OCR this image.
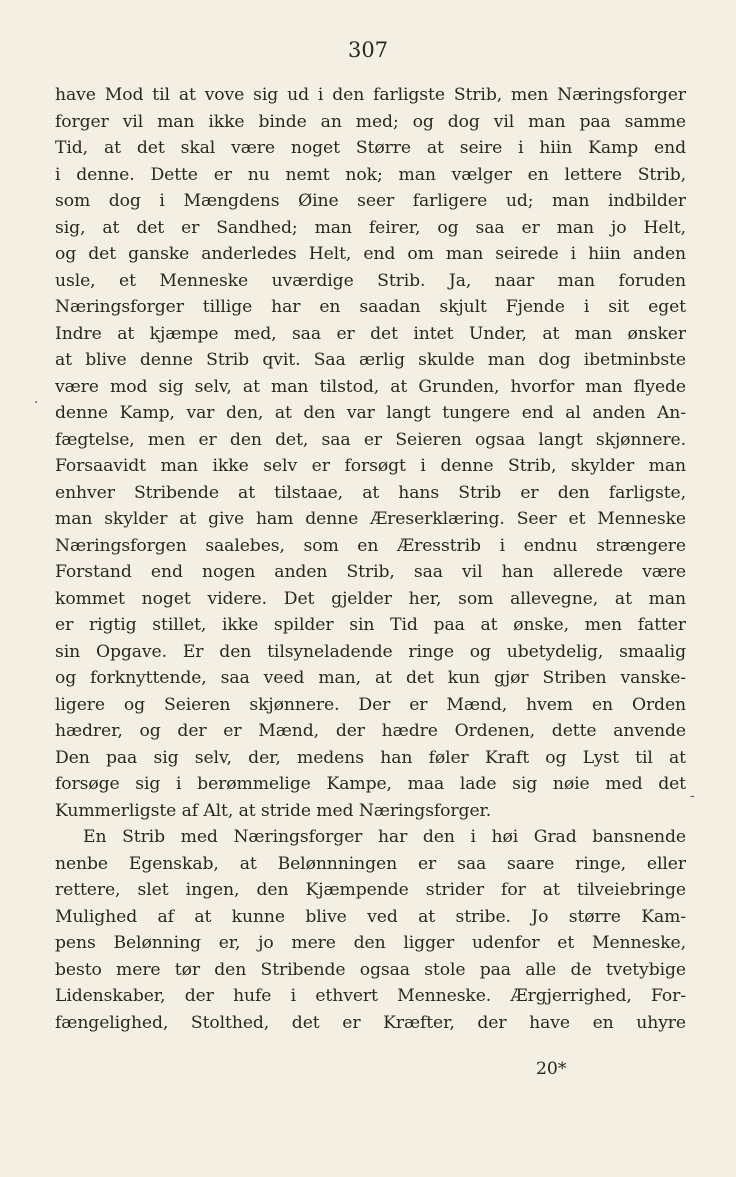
307
have Mod til at vove sig ud i den farligste Strib, men Næringsforger
forger vil man ikke binde an med; og dog vil man paa samme
Tid, at det skal være noget Større at seire i hiin Kamp end
i denne. Dette er nu nemt nok; man vælger en lettere Strib,
som dog i Mængdens Øine seer farligere ud; man indbilder
sig, at det er Sandhed; man feirer, og saa er man jo Helt,
og det ganske anderledes Helt, end om man seirede i hiin anden
usle, et Menneske uværdige Strib. Ja, naar man foruden
Næringsforger tillige har en saadan skjult Fjende i sit eget
Indre at kjæmpe med, saa er det intet Under, at man ønsker
at blive denne Strib qvit. Saa ærlig skulde man dog ibetminbste
være mod sig selv, at man tilstod, at Grunden, hvorfor man flyede
denne Kamp, var den, at den var langt tungere end al anden An-
fægtelse, men er den det, saa er Seieren ogsaa langt skjønnere.
Forsaavidt man ikke selv er forsøgt i denne Strib, skylder man
enhver Stribende at tilstaae, at hans Strib er den farligste,
man skylder at give ham denne Æreserklæring. Seer et Menneske
Næringsforgen saalebes, som en Æresstrib i endnu strængere
Forstand end nogen anden Strib, saa vil han allerede være
kommet noget videre. Det gjelder her, som allevegne, at man
er rigtig stillet, ikke spilder sin Tid paa at ønske, men fatter
sin Opgave. Er den tilsyneladende ringe og ubetydelig, smaalig
og forknyttende, saa veed man, at det kun gjør Striben vanske-
ligere og Seieren skjønnere. Der er Mænd, hvem en Orden
hædrer, og der er Mænd, der hædre Ordenen, dette anvende
Den paa sig selv, der, medens han føler Kraft og Lyst til at
forsøge sig i berømmelige Kampe, maa lade sig nøie med det
Kummerligste af Alt, at stride med Næringsforger.
En Strib med Næringsforger har den i høi Grad bansnende
nenbe Egenskab, at Belønnningen er saa saare ringe, eller
rettere, slet ingen, den Kjæmpende strider for at tilveiebringe
Mulighed af at kunne blive ved at stribe. Jo større Kam-
pens Belønning er, jo mere den ligger udenfor et Menneske,
besto mere tør den Stribende ogsaa stole paa alle de tvetybige
Lidenskaber, der hufe i ethvert Menneske. Ærgjerrighed, For-
fængelighed, Stolthed, det er Kræfter, der have en uhyre
20*
·
-
